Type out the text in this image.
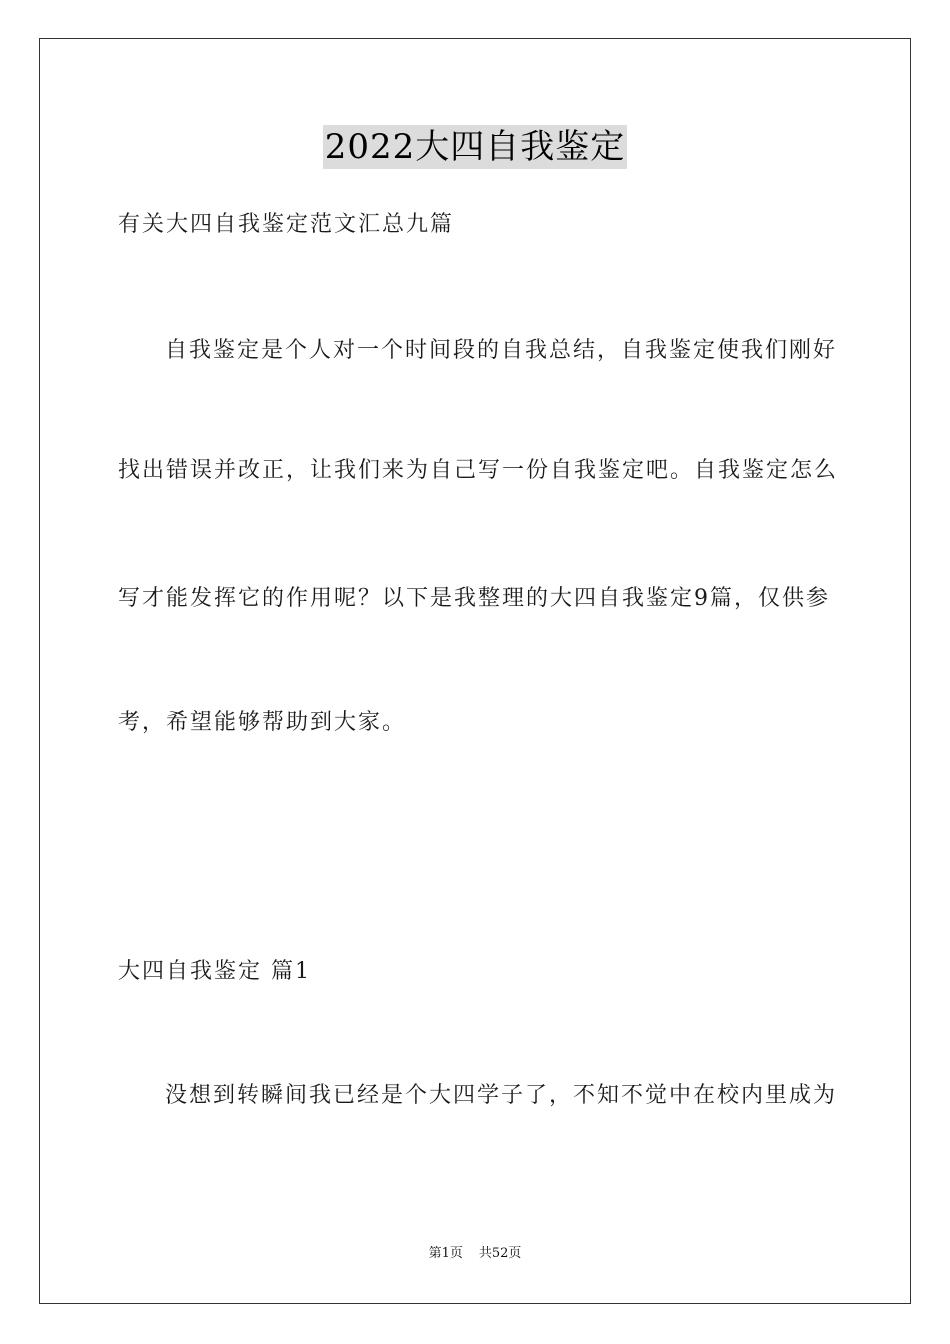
2022大四自我鉴定
有关大四自我鉴定范文汇总九篇
自我鉴定是个人对一个时间段的自我总结，自我鉴定使我们刚好
找出错误并改正，让我们来为自己写一份自我鉴定吧。自我鉴定怎么
写才能发挥它的作用呢？以下是我整理的大四自我鉴定9篇，仅供参
考，希望能够帮助到大家。
大四自我鉴定 篇1
没想到转瞬间我已经是个大四学子了，不知不觉中在校内里成为
第1页 共52页
